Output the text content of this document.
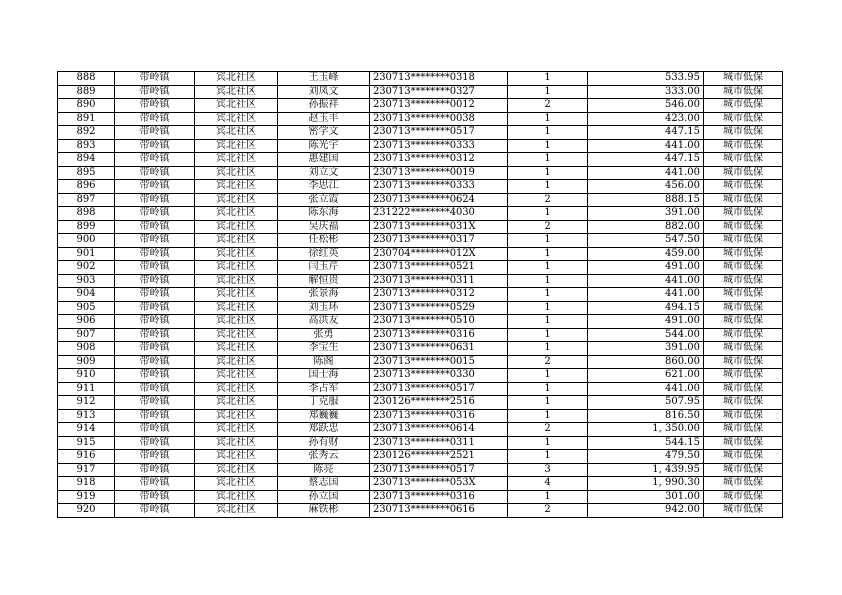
888	带岭镇	宾北社区	王玉峰	230713********0318	1	533.95	城市低保
889	带岭镇	宾北社区	刘凤文	230713********0327	1	333.00	城市低保
890	带岭镇	宾北社区	孙振祥	230713********0012	2	546.00	城市低保
891	带岭镇	宾北社区	赵玉丰	230713********0038	1	423.00	城市低保
892	带岭镇	宾北社区	密学文	230713********0517	1	447.15	城市低保
893	带岭镇	宾北社区	陈光宇	230713********0333	1	441.00	城市低保
894	带岭镇	宾北社区	惠建国	230713********0312	1	447.15	城市低保
895	带岭镇	宾北社区	刘立文	230713********0019	1	441.00	城市低保
896	带岭镇	宾北社区	李思江	230713********0333	1	456.00	城市低保
897	带岭镇	宾北社区	张立霞	230713********0624	2	888.15	城市低保
898	带岭镇	宾北社区	陈东海	231222********4030	1	391.00	城市低保
899	带岭镇	宾北社区	吴庆福	230713********031X	2	882.00	城市低保
900	带岭镇	宾北社区	任松彬	230713********0317	1	547.50	城市低保
901	带岭镇	宾北社区	徐红英	230704********012X	1	459.00	城市低保
902	带岭镇	宾北社区	闫玉芹	230713********0521	1	491.00	城市低保
903	带岭镇	宾北社区	解恒贵	230713********0311	1	441.00	城市低保
904	带岭镇	宾北社区	张景海	230713********0312	1	441.00	城市低保
905	带岭镇	宾北社区	刘玉环	230713********0529	1	494.15	城市低保
906	带岭镇	宾北社区	高洪友	230713********0510	1	491.00	城市低保
907	带岭镇	宾北社区	张勇	230713********0316	1	544.00	城市低保
908	带岭镇	宾北社区	李宝生	230713********0631	1	391.00	城市低保
909	带岭镇	宾北社区	陈阁	230713********0015	2	860.00	城市低保
910	带岭镇	宾北社区	国士海	230713********0330	1	621.00	城市低保
911	带岭镇	宾北社区	李占军	230713********0517	1	441.00	城市低保
912	带岭镇	宾北社区	丁克服	230126********2516	1	507.95	城市低保
913	带岭镇	宾北社区	郑巍巍	230713********0316	1	816.50	城市低保
914	带岭镇	宾北社区	郑跃忠	230713********0614	2	1, 350.00	城市低保
915	带岭镇	宾北社区	孙有财	230713********0311	1	544.15	城市低保
916	带岭镇	宾北社区	张秀云	230126********2521	1	479.50	城市低保
917	带岭镇	宾北社区	陈亮	230713********0517	3	1, 439.95	城市低保
918	带岭镇	宾北社区	蔡志国	230713********053X	4	1, 990.30	城市低保
919	带岭镇	宾北社区	孙立国	230713********0316	1	301.00	城市低保
920	带岭镇	宾北社区	麻铁彬	230713********0616	2	942.00	城市低保
